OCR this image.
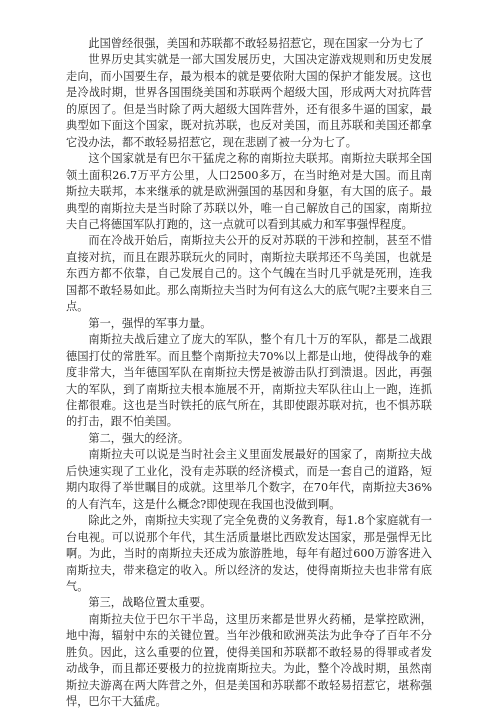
此国曾经很强，美国和苏联都不敢轻易招惹它，现在国家一分为七了

世界历史其实就是一部大国发展历史，大国决定游戏规则和历史发展走向，而小国要生存，最为根本的就是要依附大国的保护才能发展。这也是冷战时期，世界各国围绕美国和苏联两个超级大国，形成两大对抗阵营的原因了。但是当时除了两大超级大国阵营外，还有很多牛逼的国家，最典型如下面这个国家，既对抗苏联，也反对美国，而且苏联和美国还都拿它没办法，都不敢轻易招惹它，现在悲剧了被一分为七了。

这个国家就是有巴尔干猛虎之称的南斯拉夫联邦。南斯拉夫联邦全国领土面积26.7万平方公里，人口2500多万，在当时绝对是大国。而且南斯拉夫联邦，本来继承的就是欧洲强国的基因和身躯，有大国的底子。最典型的南斯拉夫是当时除了苏联以外，唯一自己解放自己的国家，南斯拉夫自己将德国军队打跑的，这一点就可以看到其威力和军事强悍程度。

而在冷战开始后，南斯拉夫公开的反对苏联的干涉和控制，甚至不惜直接对抗，而且在跟苏联玩火的同时，南斯拉夫联邦还不鸟美国，也就是东西方都不依靠，自己发展自己的。这个气魄在当时几乎就是死刑，连我国都不敢轻易如此。那么南斯拉夫当时为何有这么大的底气呢?主要来自三点。

第一，强悍的军事力量。

南斯拉夫战后建立了庞大的军队，整个有几十万的军队，都是二战跟德国打仗的常胜军。而且整个南斯拉夫70%以上都是山地，使得战争的难度非常大，当年德国军队在南斯拉夫愣是被游击队打到溃退。因此，再强大的军队，到了南斯拉夫根本施展不开，南斯拉夫军队往山上一跑，连抓住都很难。这也是当时铁托的底气所在，其即使跟苏联对抗，也不惧苏联的打击，跟不怕美国。

第二，强大的经济。

南斯拉夫可以说是当时社会主义里面发展最好的国家了，南斯拉夫战后快速实现了工业化，没有走苏联的经济模式，而是一套自己的道路，短期内取得了举世瞩目的成就。这里举几个数字，在70年代，南斯拉夫36%的人有汽车，这是什么概念?即使现在我国也没做到啊。

除此之外，南斯拉夫实现了完全免费的义务教育，每1.8个家庭就有一台电视。可以说那个年代，其生活质量堪比西欧发达国家，那是强悍无比啊。为此，当时的南斯拉夫还成为旅游胜地，每年有超过600万游客进入南斯拉夫，带来稳定的收入。所以经济的发达，使得南斯拉夫也非常有底气。

第三，战略位置太重要。

南斯拉夫位于巴尔干半岛，这里历来都是世界火药桶，是掌控欧洲，地中海，辐射中东的关键位置。当年沙俄和欧洲英法为此争夺了百年不分胜负。因此，这么重要的位置，使得美国和苏联都不敢轻易的得罪或者发动战争，而且都还要极力的拉拢南斯拉夫。为此，整个冷战时期，虽然南斯拉夫游离在两大阵营之外，但是美国和苏联都不敢轻易招惹它，堪称强悍，巴尔干大猛虎。
